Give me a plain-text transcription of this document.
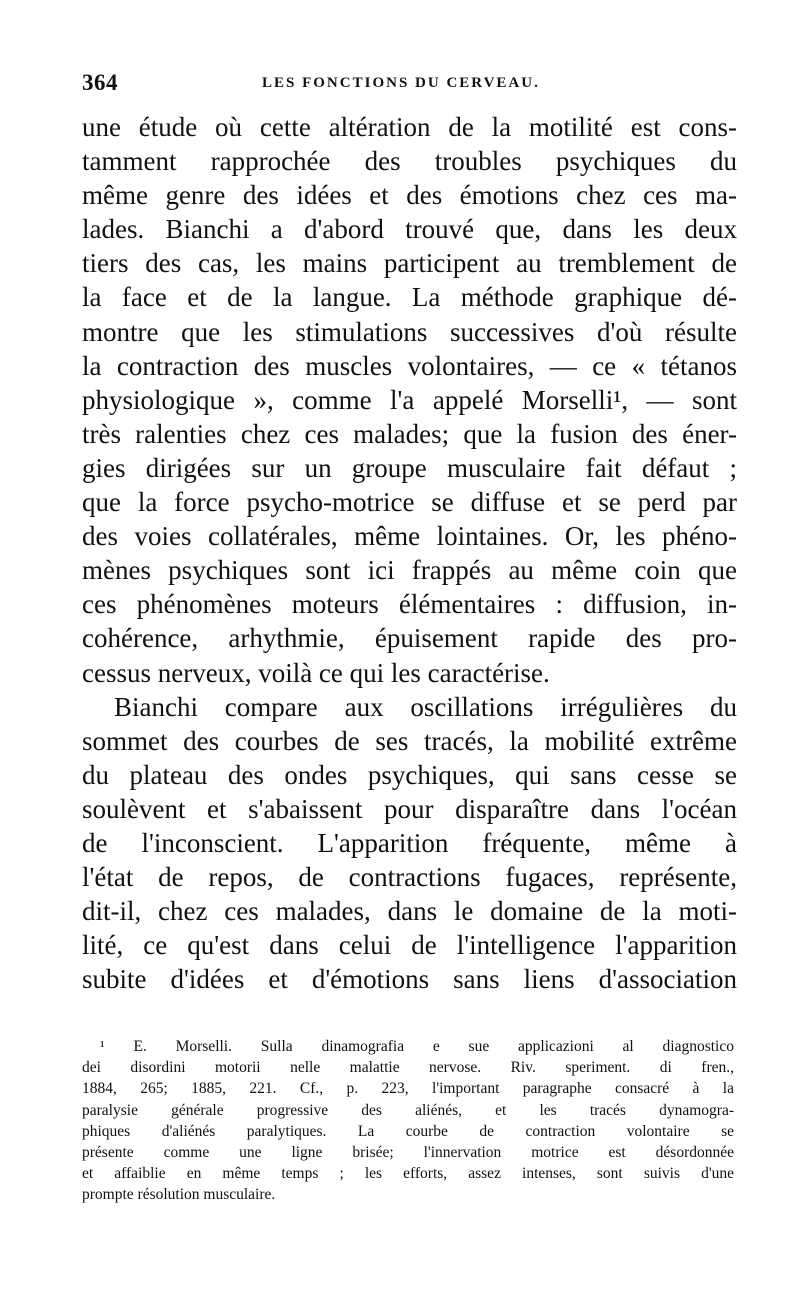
364	LES FONCTIONS DU CERVEAU.
une étude où cette altération de la motilité est cons-
tamment rapprochée des troubles psychiques du
même genre des idées et des émotions chez ces ma-
lades. Bianchi a d'abord trouvé que, dans les deux
tiers des cas, les mains participent au tremblement de
la face et de la langue. La méthode graphique dé-
montre que les stimulations successives d'où résulte
la contraction des muscles volontaires, — ce « tétanos
physiologique », comme l'a appelé Morselli¹, — sont
très ralenties chez ces malades; que la fusion des éner-
gies dirigées sur un groupe musculaire fait défaut ;
que la force psycho-motrice se diffuse et se perd par
des voies collatérales, même lointaines. Or, les phéno-
mènes psychiques sont ici frappés au même coin que
ces phénomènes moteurs élémentaires : diffusion, in-
cohérence, arhythmie, épuisement rapide des pro-
cessus nerveux, voilà ce qui les caractérise.
Bianchi compare aux oscillations irrégulières du
sommet des courbes de ses tracés, la mobilité extrême
du plateau des ondes psychiques, qui sans cesse se
soulèvent et s'abaissent pour disparaître dans l'océan
de l'inconscient. L'apparition fréquente, même à
l'état de repos, de contractions fugaces, représente,
dit-il, chez ces malades, dans le domaine de la moti-
lité, ce qu'est dans celui de l'intelligence l'apparition
subite d'idées et d'émotions sans liens d'association
¹ E. Morselli. Sulla dinamografia e sue applicazioni al diagnostico
dei disordini motorii nelle malattie nervose. Riv. speriment. di fren.,
1884, 265; 1885, 221. Cf., p. 223, l'important paragraphe consacré à la
paralysie générale progressive des aliénés, et les tracés dynamogra-
phiques d'aliénés paralytiques. La courbe de contraction volontaire se
présente comme une ligne brisée; l'innervation motrice est désordonnée
et affaiblie en même temps ; les efforts, assez intenses, sont suivis d'une
prompte résolution musculaire.
